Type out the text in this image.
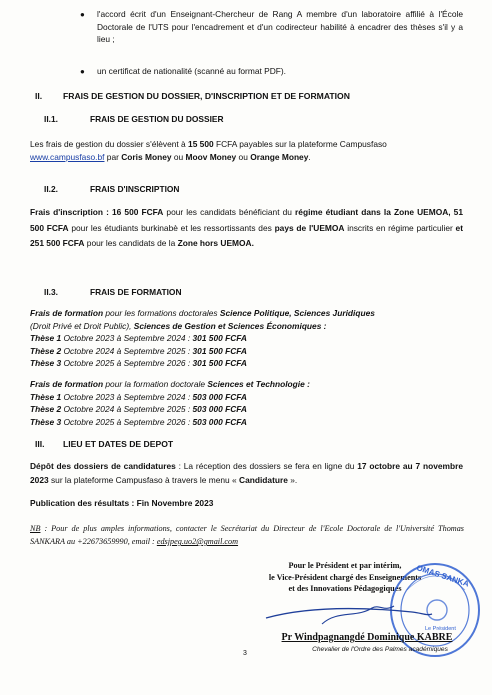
● l'accord écrit d'un Enseignant-Chercheur de Rang A membre d'un laboratoire affilié à l'École Doctorale de l'UTS pour l'encadrement et d'un codirecteur habilité à encadrer des thèses s'il y a lieu ;

● un certificat de nationalité (scanné au format PDF).

II. FRAIS DE GESTION DU DOSSIER, D'INSCRIPTION ET DE FORMATION
II.1.	FRAIS DE GESTION DU DOSSIER

Les frais de gestion du dossier s'élèvent à 15 500 FCFA payables sur la plateforme Campusfaso
www.campusfaso.bf par Coris Money ou Moov Money ou Orange Money.

II.2.	FRAIS D'INSCRIPTION

Frais d'inscription : 16 500 FCFA pour les candidats bénéficiant du régime étudiant dans la Zone UEMOA, 51 500 FCFA pour les étudiants burkinabè et les ressortissants des pays de l'UEMOA inscrits en régime particulier et 251 500 FCFA pour les candidats de la Zone hors UEMOA.

II.3.	FRAIS DE FORMATION

Frais de formation pour les formations doctorales Science Politique, Sciences Juridiques
(Droit Privé et Droit Public), Sciences de Gestion et Sciences Économiques :

Thèse 1 Octobre 2023 à Septembre 2024 : 301 500 FCFA

Thèse 2 Octobre 2024 à Septembre 2025 : 301 500 FCFA

Thèse 3 Octobre 2025 à Septembre 2026 : 301 500 FCFA

Frais de formation pour la formation doctorale Sciences et Technologie :

Thèse 1 Octobre 2023 à Septembre 2024 : 503 000 FCFA

Thèse 2 Octobre 2024 à Septembre 2025 : 503 000 FCFA

Thèse 3 Octobre 2025 à Septembre 2026 : 503 000 FCFA

III. LIEU ET DATES DE DEPOT

Dépôt des dossiers de candidatures : La réception des dossiers se fera en ligne du 17 octobre au 7 novembre 2023 sur la plateforme Campusfaso à travers le menu « Candidature ».

Publication des résultats : Fin Novembre 2023

NB : Pour de plus amples informations, contacter le Secrétariat du Directeur de l'Ecole Doctorale de l'Université Thomas SANKARA au +22673659990, email : edsjpeg.uo2@gmail.com

Pour le Président et par intérim,
le Vice-Président chargé des Enseignements
et des Innovations Pédagogiques
OMAS SANKA
Le Président
Pr Windpagnangdé Dominique KABRE
Chevalier de l'Ordre des Palmes académiques
3
